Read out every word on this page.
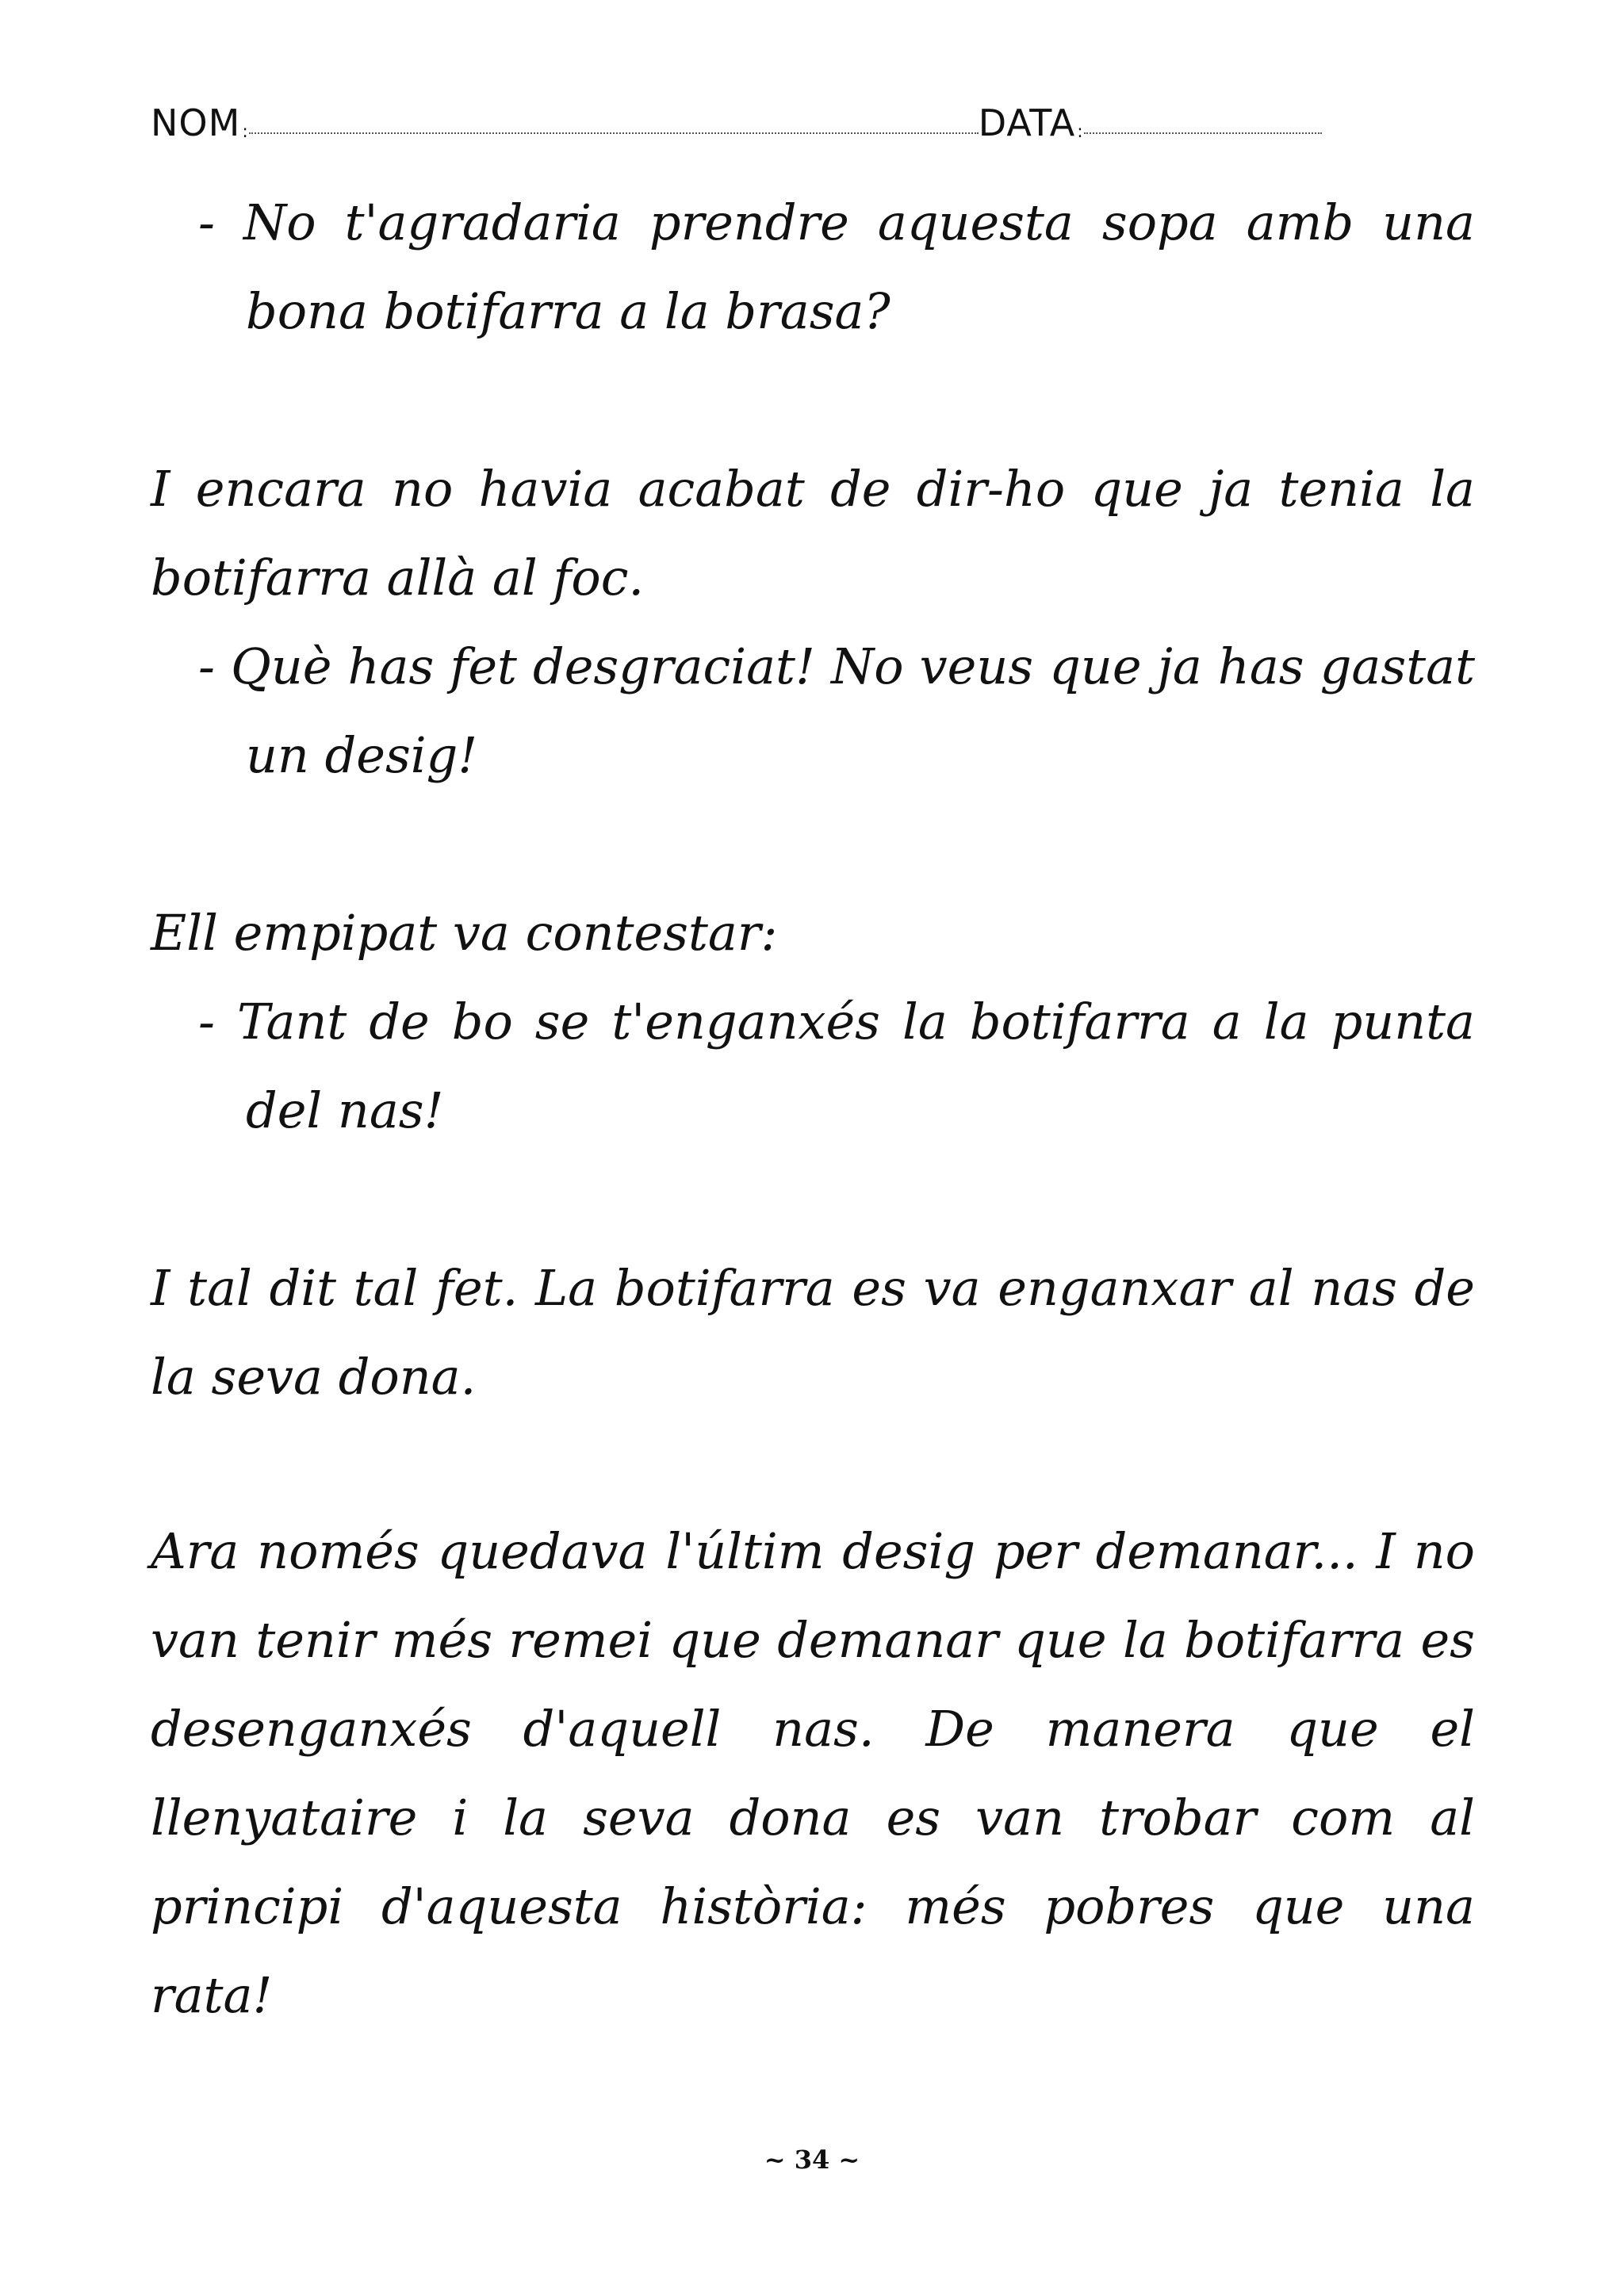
NOM :	DATA :

- No t'agradaria prendre aquesta sopa amb una bona botifarra a la brasa?

I encara no havia acabat de dir-ho que ja tenia la botifarra allà al foc.

- Què has fet desgraciat! No veus que ja has gastat un desig!

Ell empipat va contestar:

- Tant de bo se t'enganxés la botifarra a la punta del nas!

I tal dit tal fet. La botifarra es va enganxar al nas de la seva dona.

Ara només quedava l'últim desig per demanar... I no van tenir més remei que demanar que la botifarra es desenganxés d'aquell nas. De manera que el llenyataire i la seva dona es van trobar com al principi d'aquesta història: més pobres que una rata!

~ 34 ~
